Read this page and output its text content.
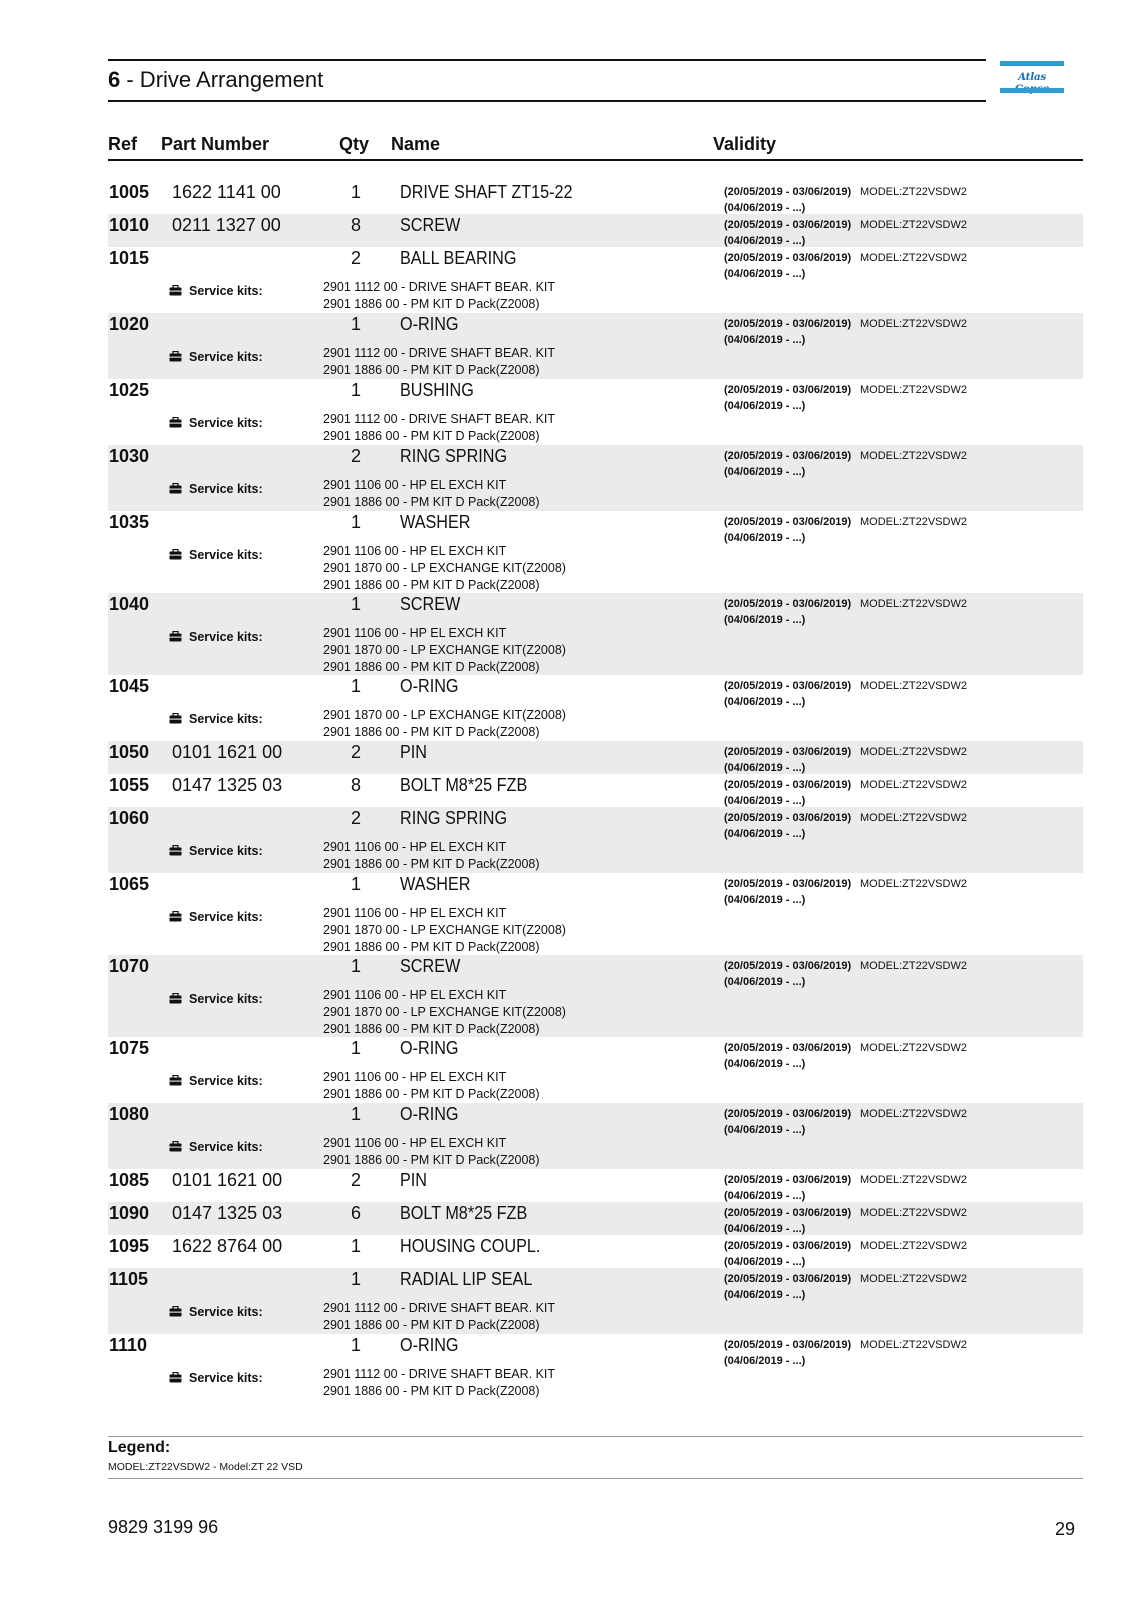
6 - Drive Arrangement	Atlas
Ref Part Number	Qty Name	Validity
1005 1622 1141 00	1 DRIVE SHAFT ZT15-22	(20/05/2019 - 03/06/2019)
(04/06/2019 - ...)
MODEL:ZT22VSDW2
1010 0211 1327 00	8 SCREW	(20/05/2019 - 03/06/2019)
(04/06/2019 - ...)
MODEL:ZT22VSDW2
1015	2 BALL BEARING	(20/05/2019 - 03/06/2019)
(04/06/2019 - ...)
MODEL:ZT22VSDW2
Service kits:	2901 1112 00 - DRIVE SHAFT BEAR. KIT
2901 1886 00 - PM KIT D Pack(Z2008)
1020	1 O-RING	(20/05/2019 - 03/06/2019)
(04/06/2019 - ...)
MODEL:ZT22VSDW2
Service kits:	2901 1112 00 - DRIVE SHAFT BEAR. KIT
2901 1886 00 - PM KIT D Pack(Z2008)
1025	1 BUSHING	(20/05/2019 - 03/06/2019)
(04/06/2019 - ...)
MODEL:ZT22VSDW2
Service kits:	2901 1112 00 - DRIVE SHAFT BEAR. KIT
2901 1886 00 - PM KIT D Pack(Z2008)
1030	2 RING SPRING	(20/05/2019 - 03/06/2019)
(04/06/2019 - ...)
MODEL:ZT22VSDW2
Service kits:	2901 1106 00 - HP EL EXCH KIT
2901 1886 00 - PM KIT D Pack(Z2008)
1035	1 WASHER	(20/05/2019 - 03/06/2019)
(04/06/2019 - ...)
MODEL:ZT22VSDW2
Service kits:	2901 1106 00 - HP EL EXCH KIT
2901 1870 00 - LP EXCHANGE KIT(Z2008)
2901 1886 00 - PM KIT D Pack(Z2008)
1040	1 SCREW	(20/05/2019 - 03/06/2019)
(04/06/2019 - ...)
MODEL:ZT22VSDW2
Service kits:	2901 1106 00 - HP EL EXCH KIT
2901 1870 00 - LP EXCHANGE KIT(Z2008)
2901 1886 00 - PM KIT D Pack(Z2008)
1045	1 O-RING	(20/05/2019 - 03/06/2019)
(04/06/2019 - ...)
MODEL:ZT22VSDW2
Service kits:	2901 1870 00 - LP EXCHANGE KIT(Z2008)
2901 1886 00 - PM KIT D Pack(Z2008)
1050 0101 1621 00	2 PIN	(20/05/2019 - 03/06/2019)
(04/06/2019 - ...)
MODEL:ZT22VSDW2
1055 0147 1325 03	8 BOLT M8*25 FZB	(20/05/2019 - 03/06/2019)
(04/06/2019 - ...)
MODEL:ZT22VSDW2
1060	2 RING SPRING	(20/05/2019 - 03/06/2019)
(04/06/2019 - ...)
MODEL:ZT22VSDW2
Service kits:	2901 1106 00 - HP EL EXCH KIT
2901 1886 00 - PM KIT D Pack(Z2008)
1065	1 WASHER	(20/05/2019 - 03/06/2019)
(04/06/2019 - ...)
MODEL:ZT22VSDW2
Service kits:	2901 1106 00 - HP EL EXCH KIT
2901 1870 00 - LP EXCHANGE KIT(Z2008)
2901 1886 00 - PM KIT D Pack(Z2008)
1070	1 SCREW	(20/05/2019 - 03/06/2019)
(04/06/2019 - ...)
MODEL:ZT22VSDW2
Service kits:	2901 1106 00 - HP EL EXCH KIT
2901 1870 00 - LP EXCHANGE KIT(Z2008)
2901 1886 00 - PM KIT D Pack(Z2008)
1075	1 O-RING	(20/05/2019 - 03/06/2019)
(04/06/2019 - ...)
MODEL:ZT22VSDW2
Service kits:	2901 1106 00 - HP EL EXCH KIT
2901 1886 00 - PM KIT D Pack(Z2008)
1080	1 O-RING	(20/05/2019 - 03/06/2019)
(04/06/2019 - ...)
MODEL:ZT22VSDW2
Service kits:	2901 1106 00 - HP EL EXCH KIT
2901 1886 00 - PM KIT D Pack(Z2008)
1085 0101 1621 00	2 PIN	(20/05/2019 - 03/06/2019)
(04/06/2019 - ...)
MODEL:ZT22VSDW2
1090 0147 1325 03	6 BOLT M8*25 FZB	(20/05/2019 - 03/06/2019)
(04/06/2019 - ...)
MODEL:ZT22VSDW2
1095 1622 8764 00	1 HOUSING COUPL.	(20/05/2019 - 03/06/2019)
(04/06/2019 - ...)
MODEL:ZT22VSDW2
1105	1 RADIAL LIP SEAL	(20/05/2019 - 03/06/2019)
(04/06/2019 - ...)
MODEL:ZT22VSDW2
Service kits:	2901 1112 00 - DRIVE SHAFT BEAR. KIT
2901 1886 00 - PM KIT D Pack(Z2008)
1110	1 O-RING	(20/05/2019 - 03/06/2019)
(04/06/2019 - ...)
MODEL:ZT22VSDW2
Service kits:	2901 1112 00 - DRIVE SHAFT BEAR. KIT
2901 1886 00 - PM KIT D Pack(Z2008)
Legend:
MODEL:ZT22VSDW2 - Model:ZT 22 VSD
9829 3199 96	29
